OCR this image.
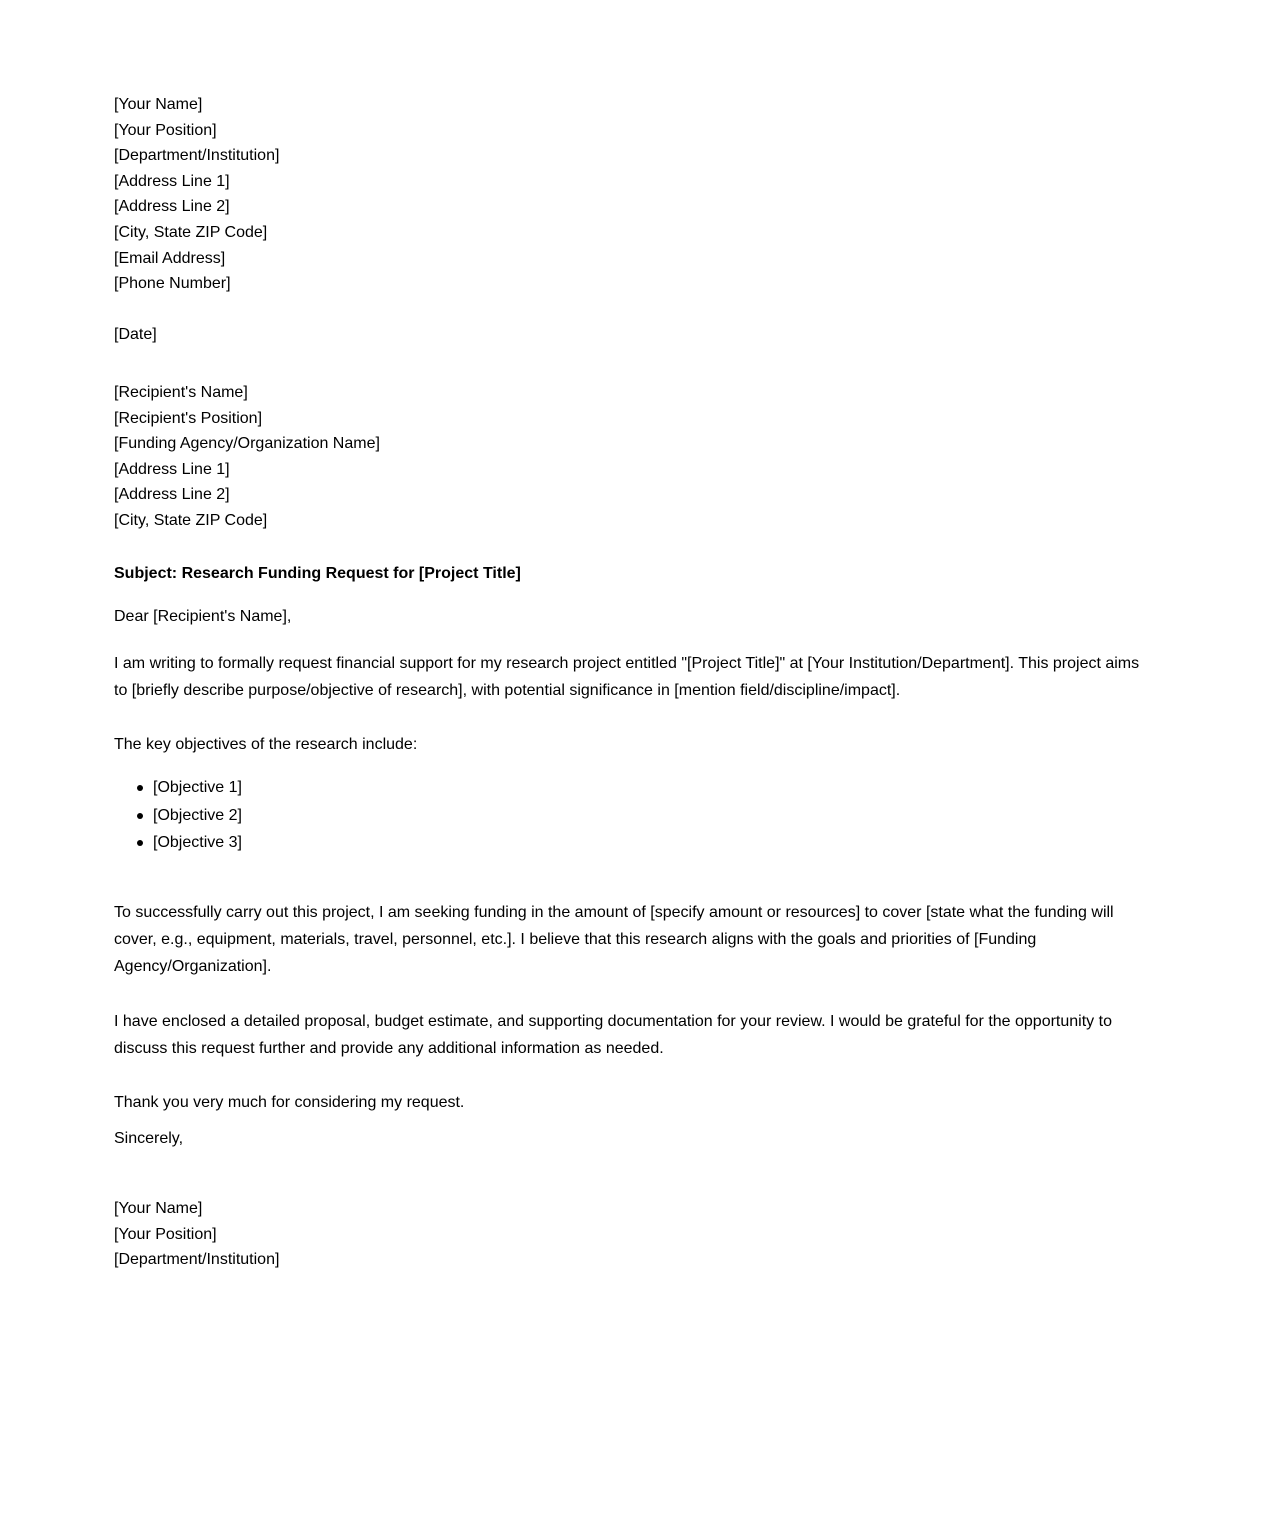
[Your Name]
[Your Position]
[Department/Institution]
[Address Line 1]
[Address Line 2]
[City, State ZIP Code]
[Email Address]
[Phone Number]
[Date]
[Recipient's Name]
[Recipient's Position]
[Funding Agency/Organization Name]
[Address Line 1]
[Address Line 2]
[City, State ZIP Code]
Subject: Research Funding Request for [Project Title]
Dear [Recipient's Name],

I am writing to formally request financial support for my research project entitled "[Project Title]" at [Your Institution/Department]. This project aims to [briefly describe purpose/objective of research], with potential significance in [mention field/discipline/impact].

The key objectives of the research include:

[Objective 1]
[Objective 2]
[Objective 3]

To successfully carry out this project, I am seeking funding in the amount of [specify amount or resources] to cover [state what the funding will cover, e.g., equipment, materials, travel, personnel, etc.]. I believe that this research aligns with the goals and priorities of [Funding Agency/Organization].

I have enclosed a detailed proposal, budget estimate, and supporting documentation for your review. I would be grateful for the opportunity to discuss this request further and provide any additional information as needed.

Thank you very much for considering my request.
Sincerely,
[Your Name]
[Your Position]
[Department/Institution]
